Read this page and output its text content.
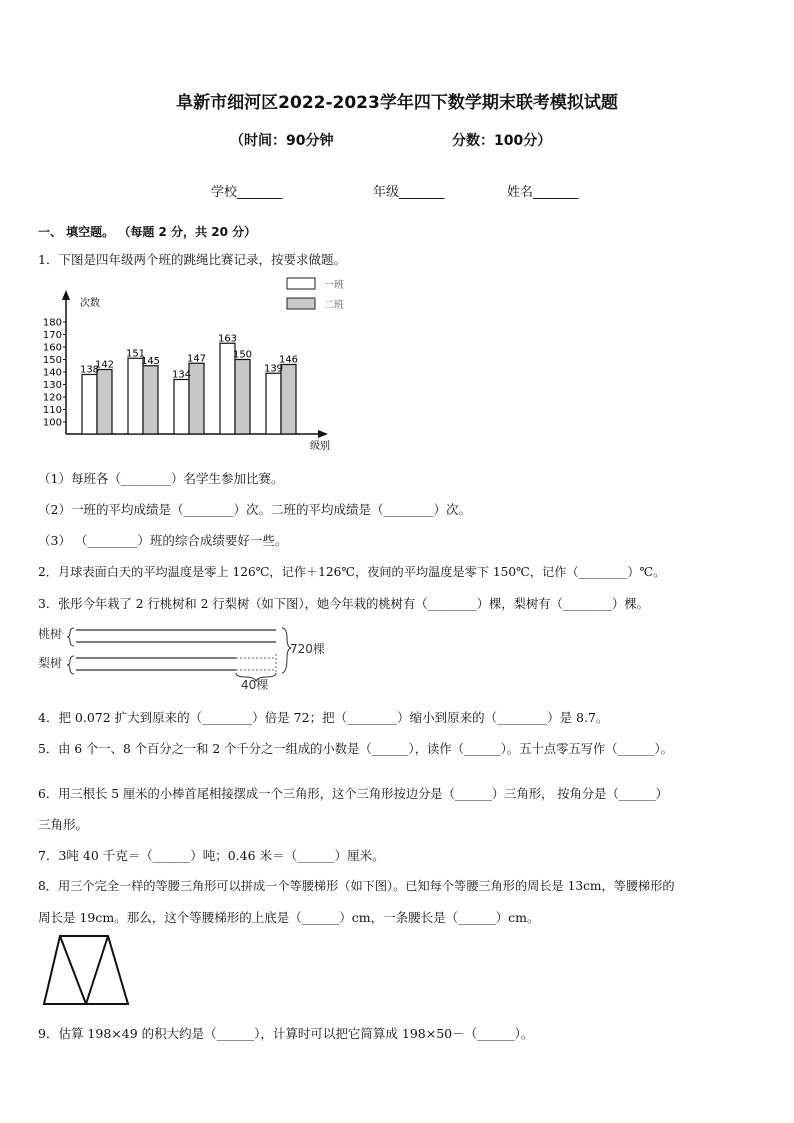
阜新市细河区2022-2023学年四下数学期末联考模拟试题
（时间：90分钟	分数：100分）
学校_______	年级_______	姓名_______
一、 填空题。 （每题 2 分，共 20 分）
1．下图是四年级两个班的跳绳比赛记录，按要求做题。
100
110
120
130
140
150
160
170
180
138
142
151
145
134
147
163
150
139
146
次数
级别
一班
二班
（1）每班各（________）名学生参加比赛。
（2）一班的平均成绩是（________）次。二班的平均成绩是（________）次。
（3） （________）班的综合成绩要好一些。
2．月球表面白天的平均温度是零上 126℃，记作＋126℃，夜间的平均温度是零下 150℃，记作（________）℃。
3．张彤今年栽了 2 行桃树和 2 行梨树（如下图），她今年栽的桃树有（________）棵，梨树有（________）棵。
桃树
梨树
720棵
40棵
4．把 0.072 扩大到原来的（________）倍是 72；把（________）缩小到原来的（________）是 8.7。
5．由 6 个一、8 个百分之一和 2 个千分之一组成的小数是（______），读作（______）。五十点零五写作（______）。
6．用三根长 5 厘米的小棒首尾相接摆成一个三角形，这个三角形按边分是（______）三角形， 按角分是（______）
三角形。
7．3吨 40 千克＝（______）吨；0.46 米＝（______）厘米。
8．用三个完全一样的等腰三角形可以拼成一个等腰梯形（如下图）。已知每个等腰三角形的周长是 13cm，等腰梯形的
周长是 19cm。那么，这个等腰梯形的上底是（______）cm，一条腰长是（______）cm。
9．估算 198×49 的积大约是（______），计算时可以把它简算成 198×50－（______）。
